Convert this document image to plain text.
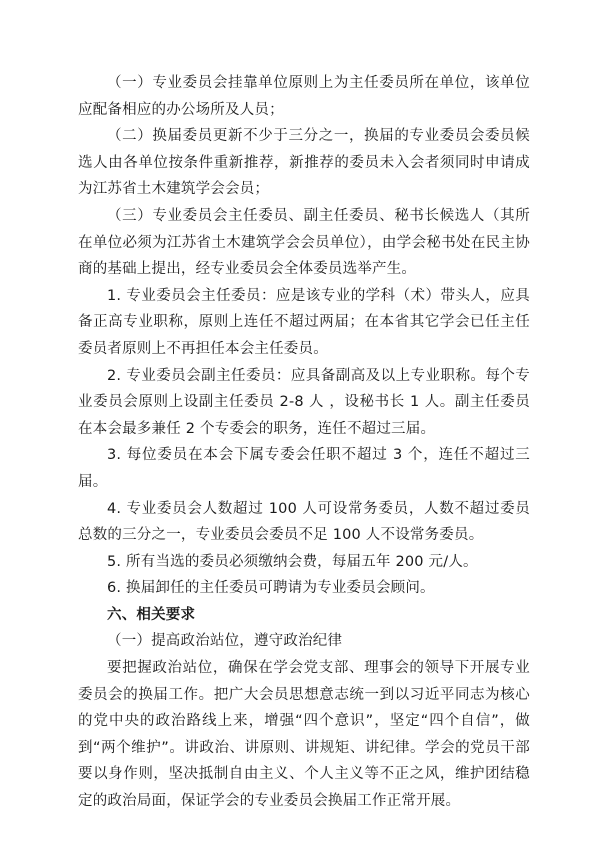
（一）专业委员会挂靠单位原则上为主任委员所在单位，该单位应配备相应的办公场所及人员；

（二）换届委员更新不少于三分之一，换届的专业委员会委员候选人由各单位按条件重新推荐，新推荐的委员未入会者须同时申请成为江苏省土木建筑学会会员；

（三）专业委员会主任委员、副主任委员、秘书长候选人（其所在单位必须为江苏省土木建筑学会会员单位），由学会秘书处在民主协商的基础上提出，经专业委员会全体委员选举产生。

1. 专业委员会主任委员：应是该专业的学科（术）带头人，应具备正高专业职称，原则上连任不超过两届；在本省其它学会已任主任委员者原则上不再担任本会主任委员。

2. 专业委员会副主任委员：应具备副高及以上专业职称。每个专业委员会原则上设副主任委员 2-8 人 ，设秘书长 1 人。副主任委员在本会最多兼任 2 个专委会的职务，连任不超过三届。

3. 每位委员在本会下属专委会任职不超过 3 个，连任不超过三届。

4. 专业委员会人数超过 100 人可设常务委员，人数不超过委员总数的三分之一，专业委员会委员不足 100 人不设常务委员。

5. 所有当选的委员必须缴纳会费，每届五年 200 元/人。

6. 换届卸任的主任委员可聘请为专业委员会顾问。

六、相关要求

（一）提高政治站位，遵守政治纪律

要把握政治站位，确保在学会党支部、理事会的领导下开展专业委员会的换届工作。把广大会员思想意志统一到以习近平同志为核心的党中央的政治路线上来，增强“四个意识”，坚定“四个自信”，做到“两个维护”。讲政治、讲原则、讲规矩、讲纪律。学会的党员干部要以身作则，坚决抵制自由主义、个人主义等不正之风，维护团结稳定的政治局面，保证学会的专业委员会换届工作正常开展。
